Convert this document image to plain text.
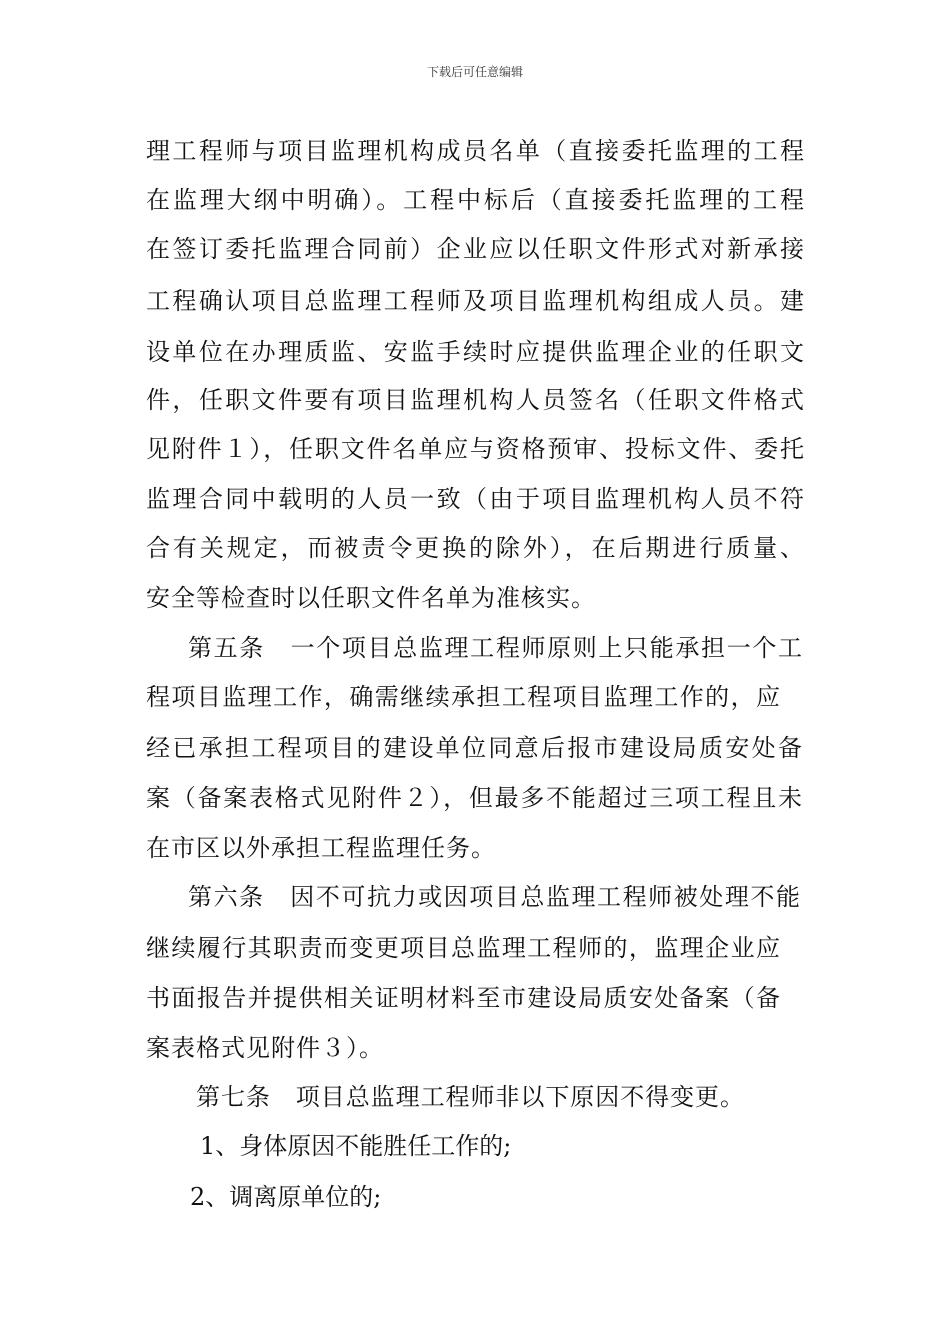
下载后可任意编辑
理工程师与项目监理机构成员名单（直接委托监理的工程
在监理大纲中明确）。工程中标后（直接委托监理的工程
在签订委托监理合同前）企业应以任职文件形式对新承接
工程确认项目总监理工程师及项目监理机构组成人员。建
设单位在办理质监、安监手续时应提供监理企业的任职文
件，任职文件要有项目监理机构人员签名（任职文件格式
见附件１），任职文件名单应与资格预审、投标文件、委托
监理合同中载明的人员一致（由于项目监理机构人员不符
合有关规定，而被责令更换的除外），在后期进行质量、
安全等检查时以任职文件名单为准核实。
第五条　一个项目总监理工程师原则上只能承担一个工
程项目监理工作，确需继续承担工程项目监理工作的，应
经已承担工程项目的建设单位同意后报市建设局质安处备
案（备案表格式见附件２），但最多不能超过三项工程且未
在市区以外承担工程监理任务。
第六条　因不可抗力或因项目总监理工程师被处理不能
继续履行其职责而变更项目总监理工程师的，监理企业应
书面报告并提供相关证明材料至市建设局质安处备案（备
案表格式见附件３）。
第七条　项目总监理工程师非以下原因不得变更。
1、身体原因不能胜任工作的;
2、调离原单位的;
